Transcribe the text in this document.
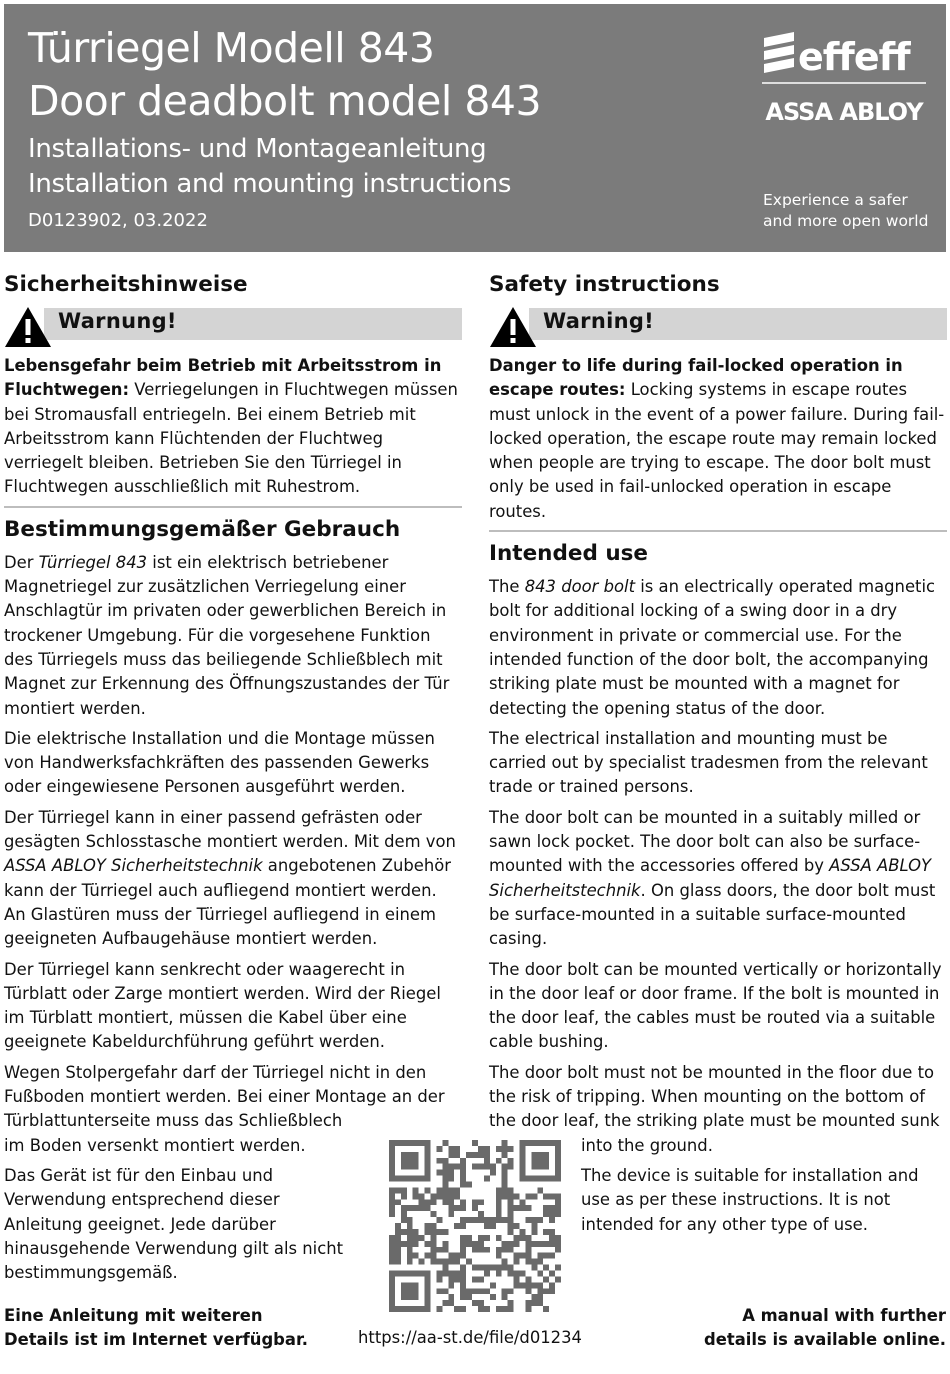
Türriegel Modell 843
Door deadbolt model 843
Installations- und Montageanleitung
Installation and mounting instructions
D0123902, 03.2022
effeff
ASSA ABLOY
Experience a safer
and more open world
Sicherheitshinweise
Warnung!

Lebensgefahr beim Betrieb mit Arbeitsstrom in Fluchtwegen: Verriegelungen in Fluchtwegen müssen bei Stromausfall entriegeln. Bei einem Betrieb mit Arbeitsstrom kann Flüchtenden der Fluchtweg verriegelt bleiben. Betrieben Sie den Türriegel in Fluchtwegen ausschließlich mit Ruhestrom.

Bestimmungsgemäßer Gebrauch

Der Türriegel 843 ist ein elektrisch betriebener Magnetriegel zur zusätzlichen Verriegelung einer Anschlagtür im privaten oder gewerblichen Bereich in trockener Umgebung. Für die vorgesehene Funktion des Türriegels muss das beiliegende Schließblech mit Magnet zur Erkennung des Öffnungszustandes der Tür montiert werden.

Die elektrische Installation und die Montage müssen von Handwerksfachkräften des passenden Gewerks oder eingewiesene Personen ausgeführt werden.

Der Türriegel kann in einer passend gefrästen oder gesägten Schlosstasche montiert werden. Mit dem von ASSA ABLOY Sicherheitstechnik angebotenen Zubehör kann der Türriegel auch aufliegend montiert werden. An Glastüren muss der Türriegel aufliegend in einem geeigneten Aufbaugehäuse montiert werden.

Der Türriegel kann senkrecht oder waagerecht in Türblatt oder Zarge montiert werden. Wird der Riegel im Türblatt montiert, müssen die Kabel über eine geeignete Kabeldurchführung geführt werden.

Wegen Stolpergefahr darf der Türriegel nicht in den Fußboden montiert werden. Bei einer Montage an der
Türblattunterseite muss das Schließblech im Boden versenkt montiert werden.

Das Gerät ist für den Einbau und Verwendung entsprechend dieser Anleitung geeignet. Jede darüber hinausgehende Verwendung gilt als nicht bestimmungsgemäß.

Safety instructions
Warning!

Danger to life during fail-locked operation in escape routes: Locking systems in escape routes must unlock in the event of a power failure. During fail-locked operation, the escape route may remain locked when people are trying to escape. The door bolt must only be used in fail-unlocked operation in escape routes.

Intended use

The 843 door bolt is an electrically operated magnetic bolt for additional locking of a swing door in a dry environment in private or commercial use. For the intended function of the door bolt, the accompanying striking plate must be mounted with a magnet for detecting the opening status of the door.

The electrical installation and mounting must be carried out by specialist tradesmen from the relevant trade or trained persons.

The door bolt can be mounted in a suitably milled or sawn lock pocket. The door bolt can also be surface-mounted with the accessories offered by ASSA ABLOY Sicherheitstechnik. On glass doors, the door bolt must be surface-mounted in a suitable surface-mounted casing.

The door bolt can be mounted vertically or horizontally in the door leaf or door frame. If the bolt is mounted in the door leaf, the cables must be routed via a suitable cable bushing.

The door bolt must not be mounted in the floor due to the risk of tripping. When mounting on the bottom of the door leaf, the striking plate must be mounted sunk
into the ground.

The device is suitable for installation and use as per these instructions. It is not intended for any other type of use.

Eine Anleitung mit weiteren
Details ist im Internet verfügbar.	https://aa-st.de/file/d01234
A manual with further
details is available online.
